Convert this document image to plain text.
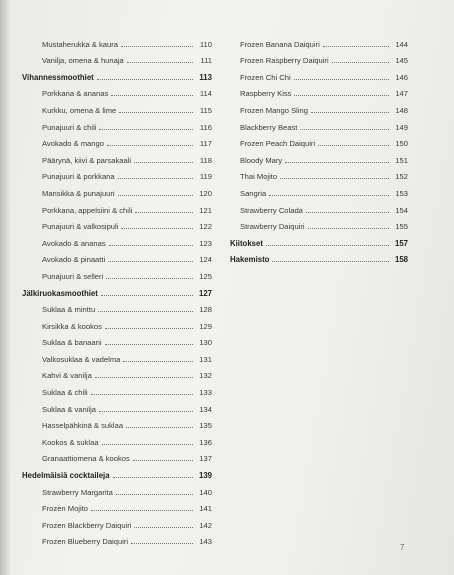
Mustaherukka & kaura	110
Vanilja, omena & hunaja	111
Vihannessmoothiet	113
Porkkana & ananas	114
Kurkku, omena & lime	115
Punajuuri & chili	116
Avokado & mango	117
Päärynä, kiivi & parsakaali	118
Punajuuri & porkkana	119
Mansikka & punajuuri	120
Porkkana, appelsiini & chili	121
Punajuuri & valkosipuli	122
Avokado & ananas	123
Avokado & pinaatti	124
Punajuuri & selleri	125
Jälkiruokasmoothiet	127
Suklaa & minttu	128
Kirsikka & kookos	129
Suklaa & banaani	130
Valkosuklaa & vadelma	131
Kahvi & vanilja	132
Suklaa & chili	133
Suklaa & vanilja	134
Hasselpähkinä & suklaa	135
Kookos & suklaa	136
Granaattiomena & kookos	137
Hedelmäisiä cocktaileja	139
Strawberry Margarita	140
Frozen Mojito	141
Frozen Blackberry Daiquiri	142
Frozen Blueberry Daiquiri	143
Frozen Banana Daiquiri	144
Frozen Raspberry Daiquiri	145
Frozen Chi Chi	146
Raspberry Kiss	147
Frozen Mango Sling	148
Blackberry Beast	149
Frozen Peach Daiquiri	150
Bloody Mary	151
Thai Mojito	152
Sangria	153
Strawberry Colada	154
Strawberry Daiquiri	155
Kiitokset	157
Hakemisto	158
7
